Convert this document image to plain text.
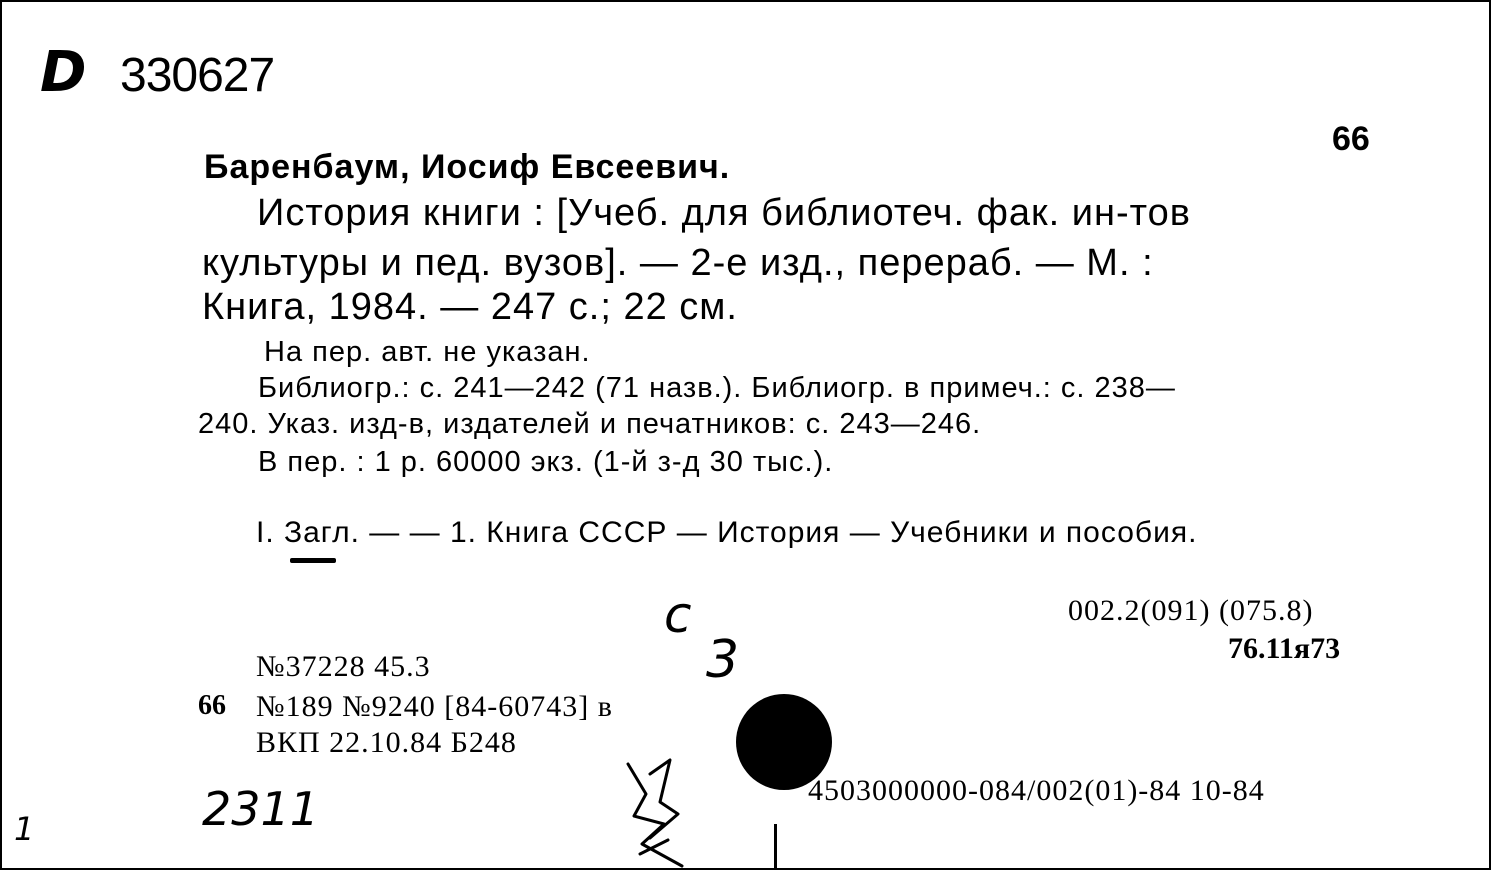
D 330627
66
Баренбаум, Иосиф Евсеевич.
История книги : [Учеб. для библиотеч. фак. ин-тов
культуры и пед. вузов]. — 2-е изд., перераб. — М. :
Книга, 1984. — 247 с.; 22 см.
На пер. авт. не указан.
Библиогр.: с. 241—242 (71 назв.). Библиогр. в примеч.: с. 238—
240. Указ. изд-в, издателей и печатников: с. 243—246.
В пер. : 1 р. 60000 экз. (1-й з-д 30 тыс.).
I. Загл. — — 1. Книга СССР — История — Учебники и пособия.
002.2(091) (075.8)
76.11я73
с
3
№37228 45.3
66 №189 №9240 [84-60743] в
ВКП 22.10.84 Б248
4503000000-084/002(01)-84 10-84
2311
1
